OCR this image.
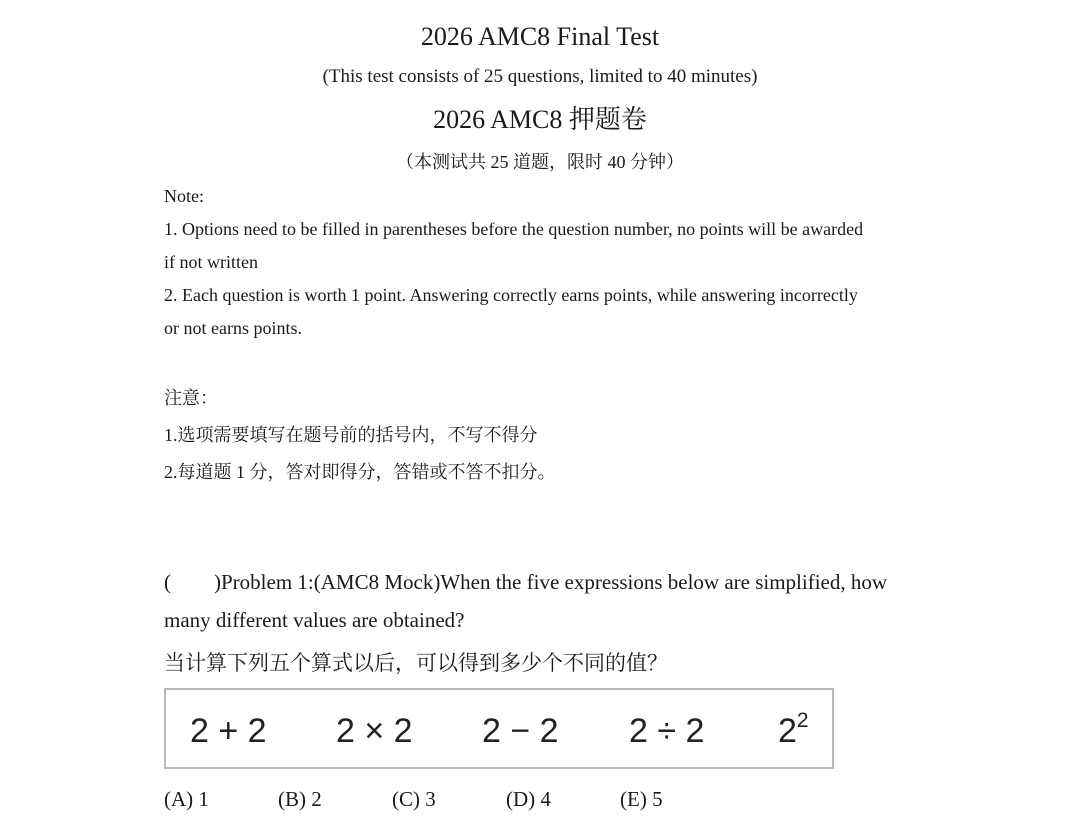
2026 AMC8 Final Test
(This test consists of 25 questions, limited to 40 minutes)
2026 AMC8 押题卷
（本测试共 25 道题，限时 40 分钟）
Note:
1. Options need to be filled in parentheses before the question number, no points will be awarded
if not written
2. Each question is worth 1 point. Answering correctly earns points, while answering incorrectly
or not earns points.
注意：
1.选项需要填写在题号前的括号内，不写不得分
2.每道题 1 分，答对即得分，答错或不答不扣分。
( ) Problem 1:(AMC8 Mock)When the five expressions below are simplified, how
many different values are obtained?
当计算下列五个算式以后，可以得到多少个不同的值？
2 + 2 2 × 2 2 − 2 2 ÷ 2 $2^2$
(A) 1	(B) 2	(C) 3	(D) 4	(E) 5
